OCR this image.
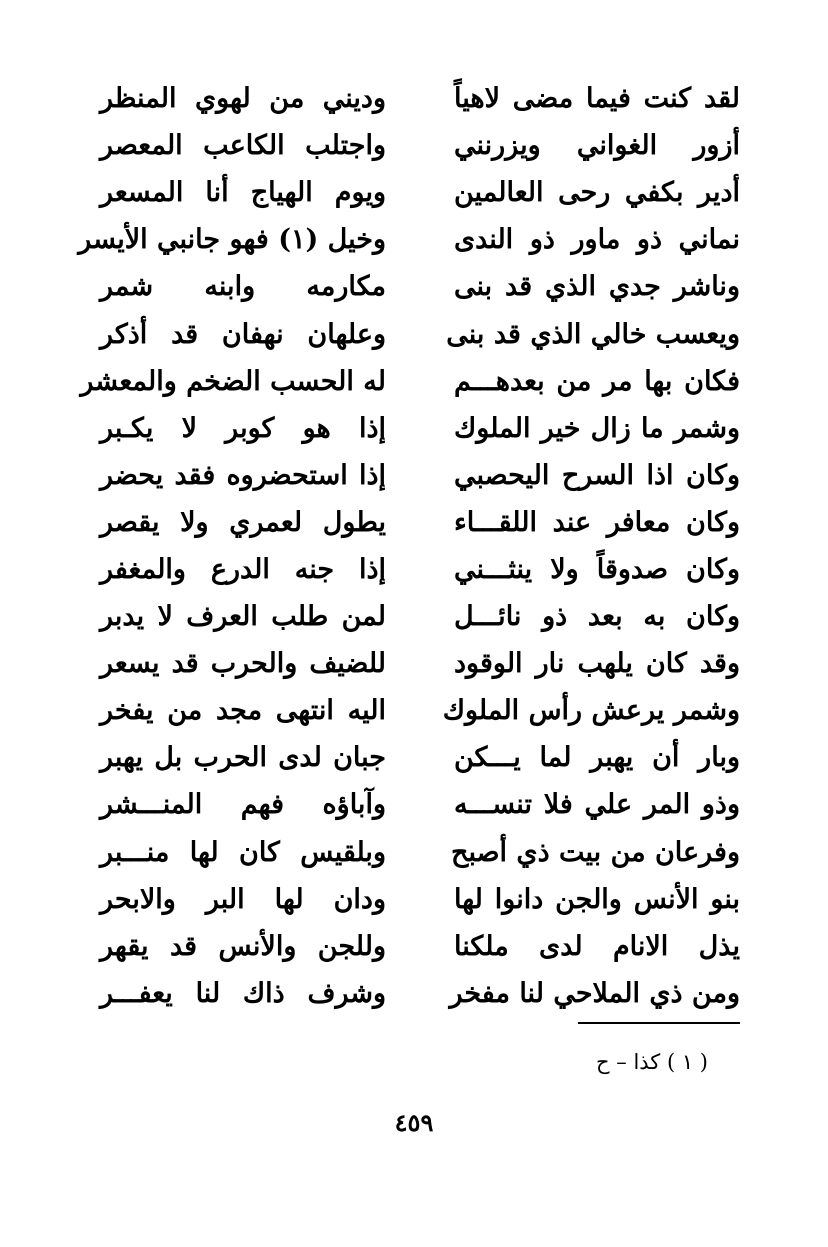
لقد كنت فيما مضى لاهياً
وديني من لهوي المنظر
أزور الغواني ويزرنني
واجتلب الكاعب المعصر
أدير بكفي رحى العالمين
ويوم الهياج أنا المسعر
نماني ذو ماور ذو الندى
وخيل (١) فهو جانبي الأيسر
وناشر جدي الذي قد بنى
مكارمه وابنه شمر
ويعسب خالي الذي قد بنى
وعلهان نهفان قد أذكر
فكان بها مر من بعدهـــم
له الحسب الضخم والمعشر
وشمر ما زال خير الملوك
إذا هو كوبر لا يكـبر
وكان اذا السرح اليحصبي
إذا استحضروه فقد يحضر
وكان معافر عند اللقـــاء
يطول لعمري ولا يقصر
وكان صدوقاً ولا ينثـــني
إذا جنه الدرع والمغفر
وكان به بعد ذو نائـــل
لمن طلب العرف لا يدبر
وقد كان يلهب نار الوقود
للضيف والحرب قد يسعر
وشمر يرعش رأس الملوك
اليه انتهى مجد من يفخر
وبار أن يهبر لما يـــكن
جبان لدى الحرب بل يهبر
وذو المر علي فلا تنســـه
وآباؤه فهم المنـــشر
وفرعان من بيت ذي أصبح
وبلقيس كان لها منـــبر
بنو الأنس والجن دانوا لها
ودان لها البر والابحر
يذل الانام لدى ملكنا
وللجن والأنس قد يقهر
ومن ذي الملاحي لنا مفخر
وشرف ذاك لنا يعفـــر
( ١ ) كذا – ح
٤٥٩
